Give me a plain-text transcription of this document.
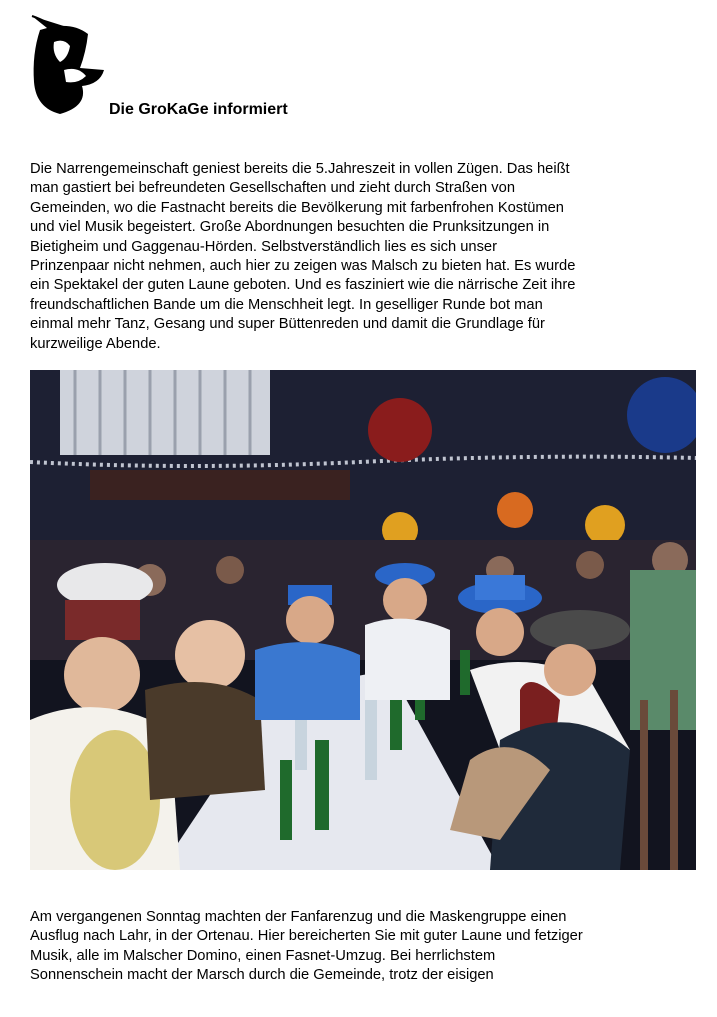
Die GroKaGe informiert
Die Narrengemeinschaft geniest bereits die 5.Jahreszeit in vollen Zügen. Das heißt
man gastiert bei befreundeten Gesellschaften und zieht durch Straßen von
Gemeinden, wo die Fastnacht bereits die Bevölkerung mit farbenfrohen Kostümen
und viel Musik begeistert. Große Abordnungen besuchten die Prunksitzungen in
Bietigheim und Gaggenau-Hörden. Selbstverständlich lies es sich unser
Prinzenpaar nicht nehmen, auch hier zu zeigen was Malsch zu bieten hat. Es wurde
ein Spektakel der guten Laune geboten. Und es fasziniert wie die närrische Zeit ihre
freundschaftlichen Bande um die Menschheit legt. In geselliger Runde bot man
einmal mehr Tanz, Gesang und super Büttenreden und damit die Grundlage für
kurzweilige Abende.
Am vergangenen Sonntag machten der Fanfarenzug und die Maskengruppe einen
Ausflug nach Lahr, in der Ortenau. Hier bereicherten Sie mit guter Laune und fetziger
Musik, alle im Malscher Domino, einen Fasnet-Umzug. Bei herrlichstem
Sonnenschein macht der Marsch durch die Gemeinde, trotz der eisigen
